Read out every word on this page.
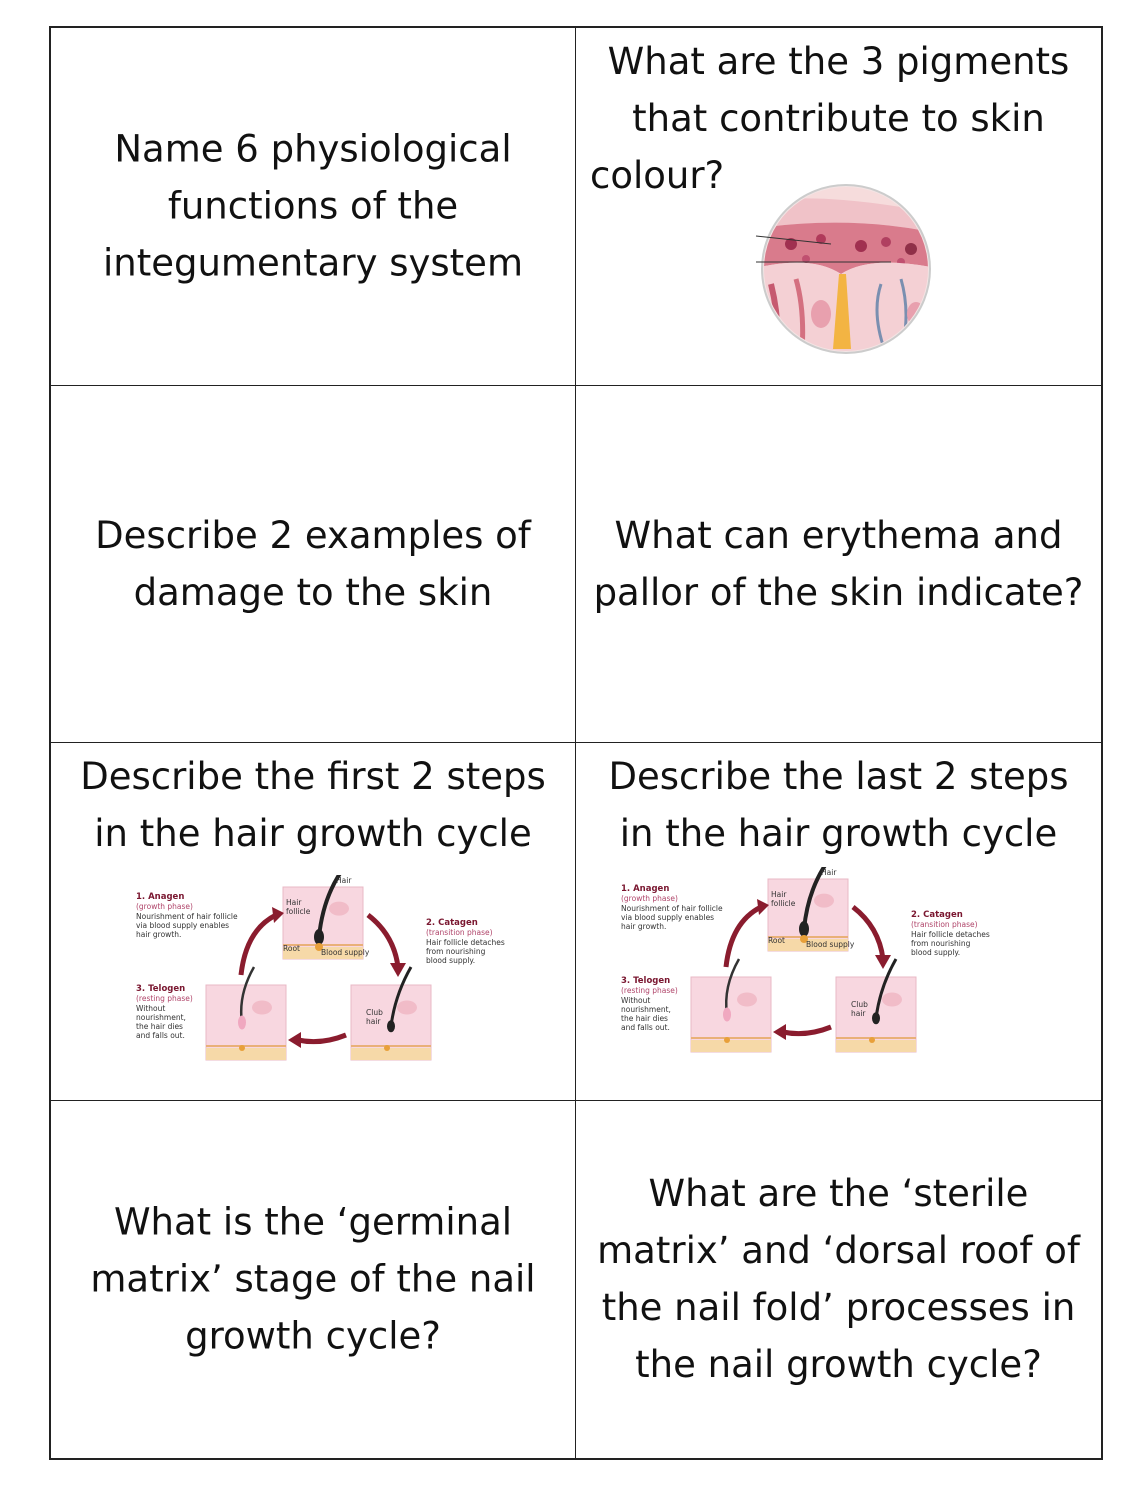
Name 6 physiological
functions of the
integumentary system
What are the 3 pigments
that contribute to skin
colour?
Describe 2 examples of
damage to the skin
What can erythema and
pallor of the skin indicate?
Describe the first 2 steps
in the hair growth cycle
1. Anagen
(growth phase)
Nourishment of hair follicle
via blood supply enables
hair growth.
2. Catagen
(transition phase)
Hair follicle detaches
from nourishing
blood supply.
3. Telogen
(resting phase)
Without
nourishment,
the hair dies
and falls out.
Hair
Hair
follicle
Root	Blood supply
Club
hair
Describe the last 2 steps
in the hair growth cycle
1. Anagen
(growth phase)
Nourishment of hair follicle
via blood supply enables
hair growth.
2. Catagen
(transition phase)
Hair follicle detaches
from nourishing
blood supply.
3. Telogen
(resting phase)
Without
nourishment,
the hair dies
and falls out.
Hair
Hair
follicle
Root	Blood supply
Club
hair
What is the ‘germinal
matrix’ stage of the nail
growth cycle?
What are the ‘sterile
matrix’ and ‘dorsal roof of
the nail fold’ processes in
the nail growth cycle?
